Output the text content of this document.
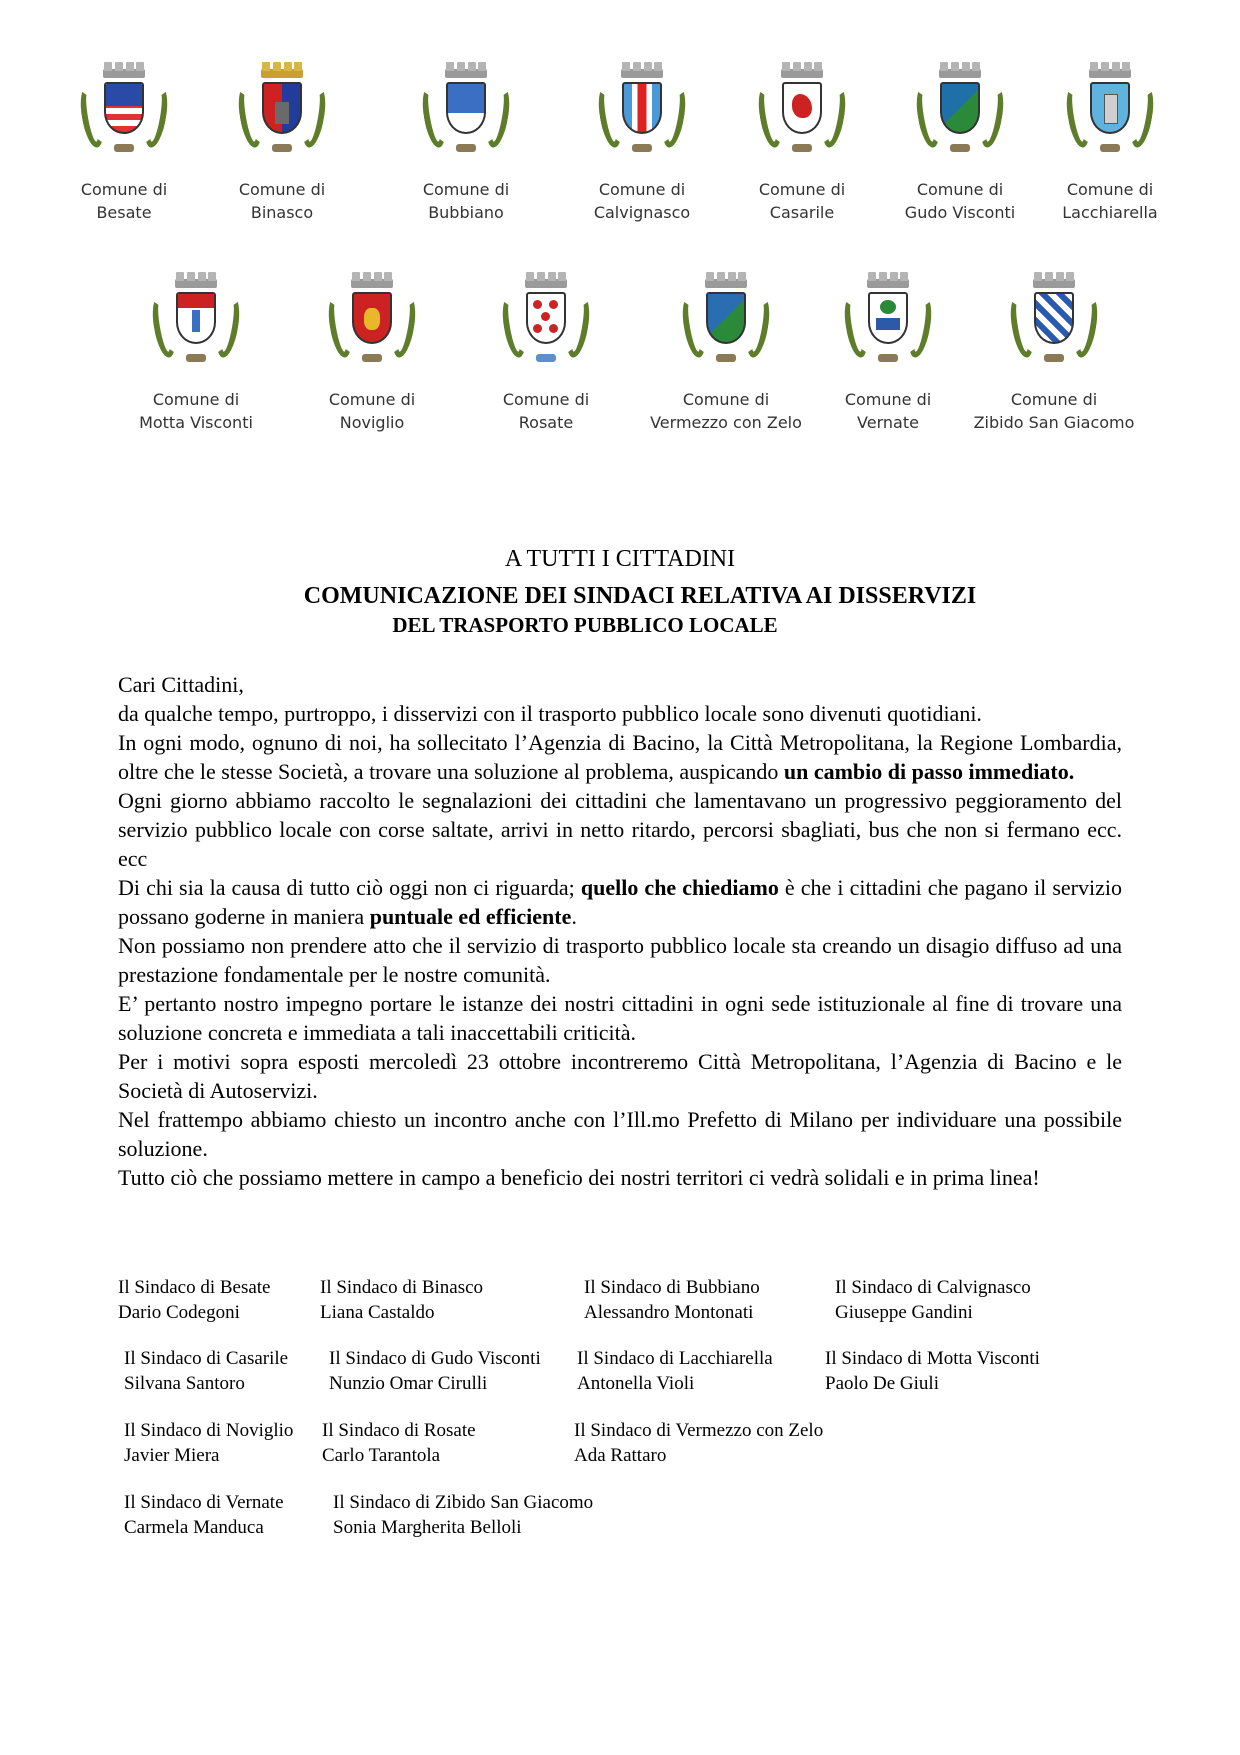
Comune di
Besate
Comune di
Binasco
Comune di
Bubbiano
Comune di
Calvignasco
Comune di
Casarile
Comune di
Gudo Visconti
Comune di
Lacchiarella
Comune di
Motta Visconti
Comune di
Noviglio
Comune di
Rosate
Comune di
Vermezzo con Zelo
Comune di
Vernate
Comune di
Zibido San Giacomo
A TUTTI I CITTADINI
COMUNICAZIONE DEI SINDACI RELATIVA AI DISSERVIZI
DEL TRASPORTO PUBBLICO LOCALE

Cari Cittadini,

da qualche tempo, purtroppo, i disservizi con il trasporto pubblico locale sono divenuti quotidiani.

In ogni modo, ognuno di noi, ha sollecitato l’Agenzia di Bacino, la Città Metropolitana, la Regione Lombardia, oltre che le stesse Società, a trovare una soluzione al problema, auspicando un cambio di passo immediato.

Ogni giorno abbiamo raccolto le segnalazioni dei cittadini che lamentavano un progressivo peggioramento del servizio pubblico locale con corse saltate, arrivi in netto ritardo, percorsi sbagliati, bus che non si fermano ecc. ecc

Di chi sia la causa di tutto ciò oggi non ci riguarda; quello che chiediamo è che i cittadini che pagano il servizio possano goderne in maniera puntuale ed efficiente.

Non possiamo non prendere atto che il servizio di trasporto pubblico locale sta creando un disagio diffuso ad una prestazione fondamentale per le nostre comunità.

E’ pertanto nostro impegno portare le istanze dei nostri cittadini in ogni sede istituzionale al fine di trovare una soluzione concreta e immediata a tali inaccettabili criticità.

Per i motivi sopra esposti mercoledì 23 ottobre incontreremo Città Metropolitana, l’Agenzia di Bacino e le Società di Autoservizi.

Nel frattempo abbiamo chiesto un incontro anche con l’Ill.mo Prefetto di Milano per individuare una possibile soluzione.

Tutto ciò che possiamo mettere in campo a beneficio dei nostri territori ci vedrà solidali e in prima linea!

Il Sindaco di Besate
Dario Codegoni
Il Sindaco di Binasco
Liana Castaldo
Il Sindaco di Bubbiano
Alessandro Montonati
Il Sindaco di Calvignasco
Giuseppe Gandini
Il Sindaco di Casarile
Silvana Santoro
Il Sindaco di Gudo Visconti
Nunzio Omar Cirulli
Il Sindaco di Lacchiarella
Antonella Violi
Il Sindaco di Motta Visconti
Paolo De Giuli
Il Sindaco di Noviglio
Javier Miera
Il Sindaco di Rosate
Carlo Tarantola
Il Sindaco di Vermezzo con Zelo
Ada Rattaro
Il Sindaco di Vernate
Carmela Manduca
Il Sindaco di Zibido San Giacomo
Sonia Margherita Belloli
